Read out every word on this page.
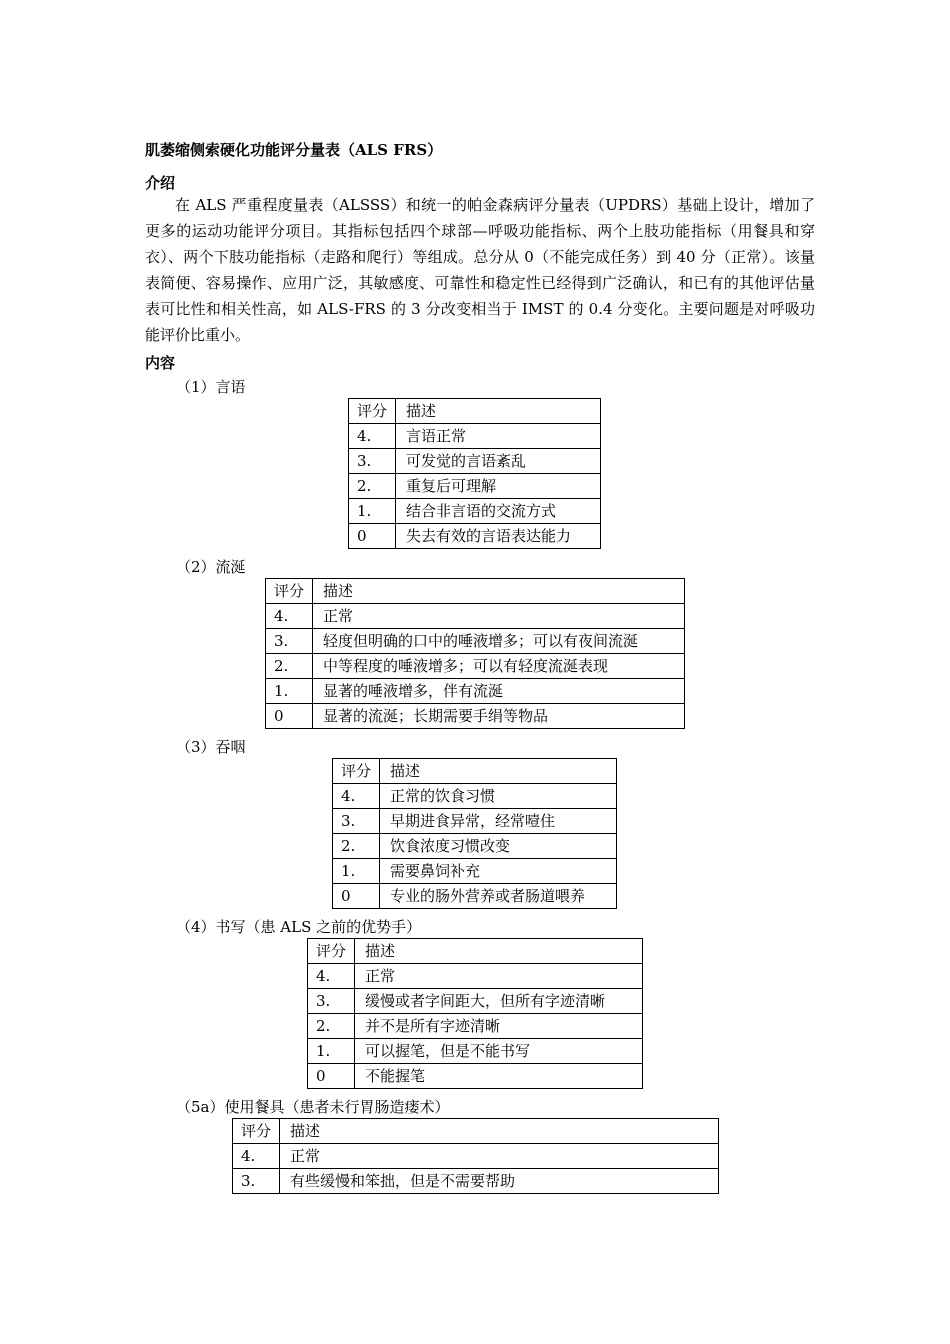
肌萎缩侧索硬化功能评分量表（ALS FRS）
介绍

在 ALS 严重程度量表（ALSSS）和统一的帕金森病评分量表（UPDRS）基础上设计，增加了更多的运动功能评分项目。其指标包括四个球部—呼吸功能指标、两个上肢功能指标（用餐具和穿衣）、两个下肢功能指标（走路和爬行）等组成。总分从 0（不能完成任务）到 40 分（正常）。该量表简便、容易操作、应用广泛，其敏感度、可靠性和稳定性已经得到广泛确认，和已有的其他评估量表可比性和相关性高，如 ALS-FRS 的 3 分改变相当于 IMST 的 0.4 分变化。主要问题是对呼吸功能评价比重小。

内容
（1）言语
评分	描述
4.	言语正常
3.	可发觉的言语紊乱
2.	重复后可理解
1.	结合非言语的交流方式
0	失去有效的言语表达能力
（2）流涎
评分	描述
4.	正常
3.	轻度但明确的口中的唾液增多；可以有夜间流涎
2.	中等程度的唾液增多；可以有轻度流涎表现
1.	显著的唾液增多，伴有流涎
0	显著的流涎；长期需要手绢等物品
（3）吞咽
评分	描述
4.	正常的饮食习惯
3.	早期进食异常，经常噎住
2.	饮食浓度习惯改变
1.	需要鼻饲补充
0	专业的肠外营养或者肠道喂养
（4）书写（患 ALS 之前的优势手）
评分	描述
4.	正常
3.	缓慢或者字间距大，但所有字迹清晰
2.	并不是所有字迹清晰
1.	可以握笔，但是不能书写
0	不能握笔
（5a）使用餐具（患者未行胃肠造瘘术）
评分	描述
4.	正常
3.	有些缓慢和笨拙，但是不需要帮助
